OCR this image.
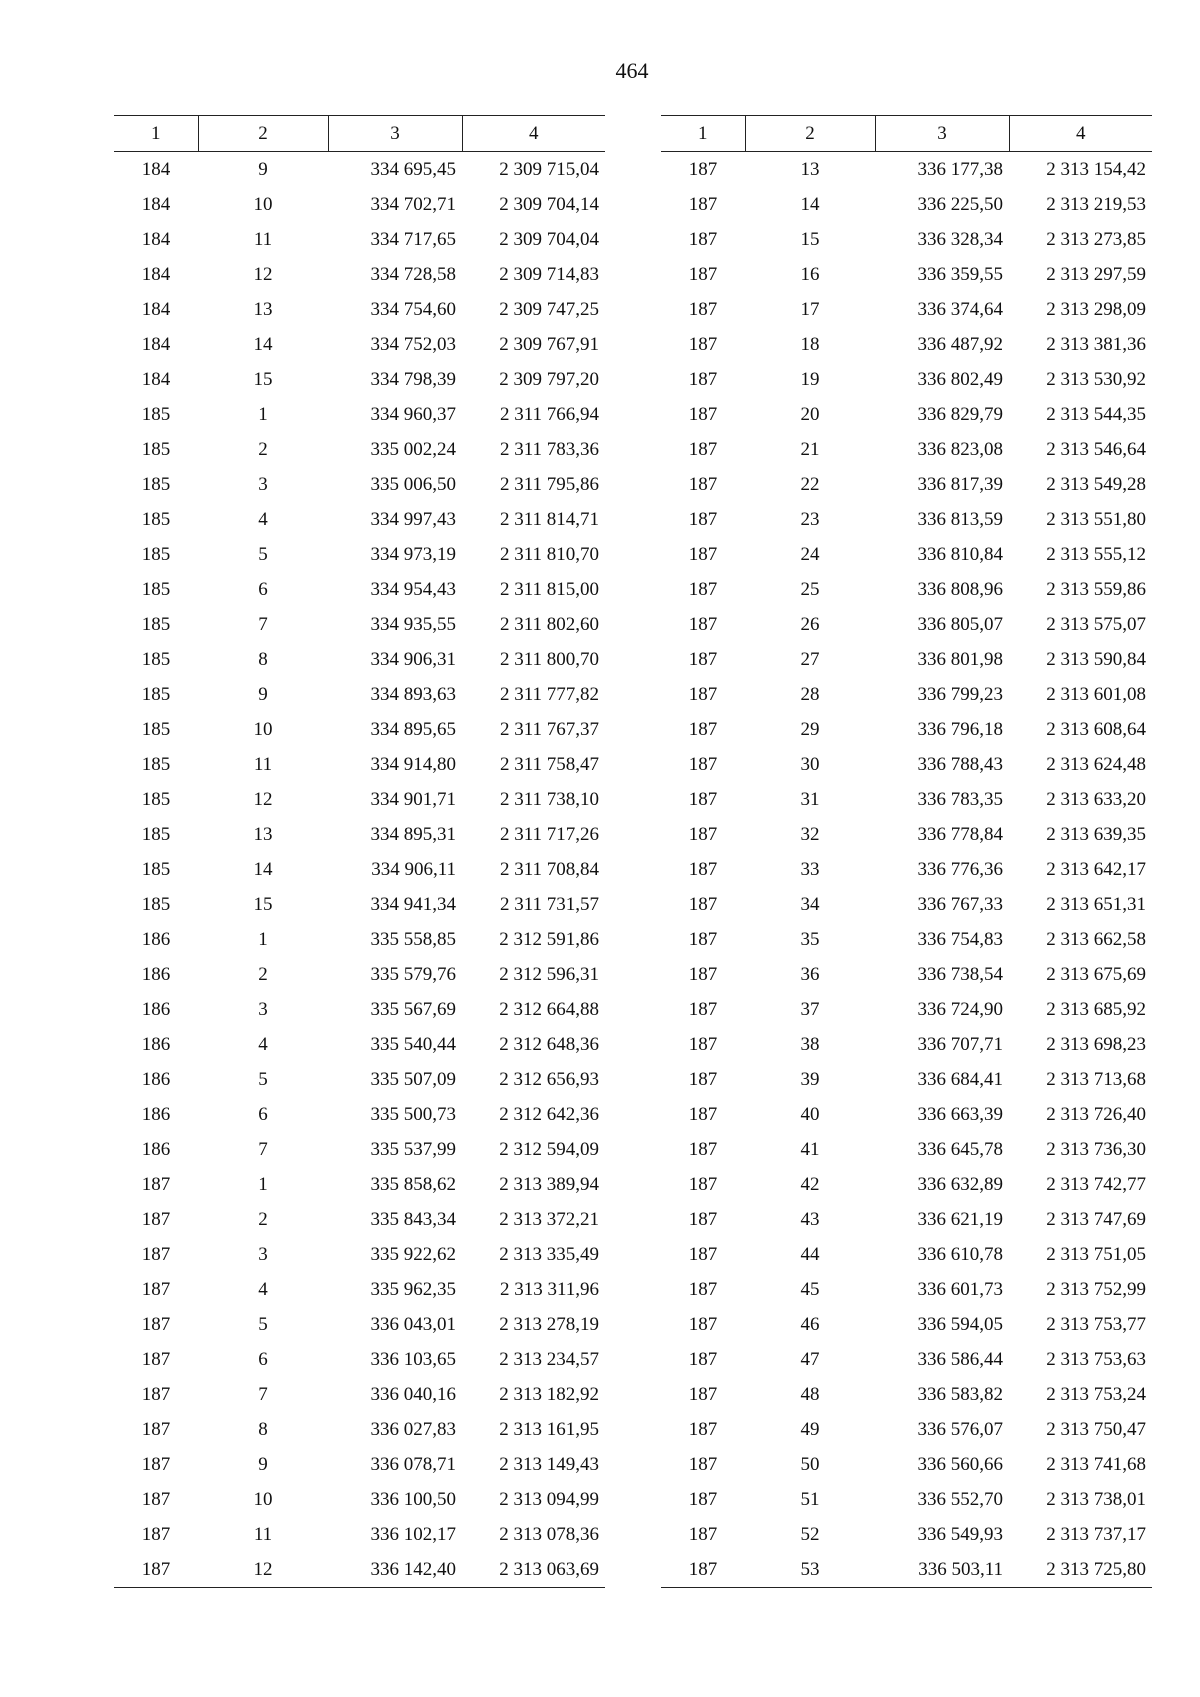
464
1	2	3	4
184	9	334 695,45	2 309 715,04
184	10	334 702,71	2 309 704,14
184	11	334 717,65	2 309 704,04
184	12	334 728,58	2 309 714,83
184	13	334 754,60	2 309 747,25
184	14	334 752,03	2 309 767,91
184	15	334 798,39	2 309 797,20
185	1	334 960,37	2 311 766,94
185	2	335 002,24	2 311 783,36
185	3	335 006,50	2 311 795,86
185	4	334 997,43	2 311 814,71
185	5	334 973,19	2 311 810,70
185	6	334 954,43	2 311 815,00
185	7	334 935,55	2 311 802,60
185	8	334 906,31	2 311 800,70
185	9	334 893,63	2 311 777,82
185	10	334 895,65	2 311 767,37
185	11	334 914,80	2 311 758,47
185	12	334 901,71	2 311 738,10
185	13	334 895,31	2 311 717,26
185	14	334 906,11	2 311 708,84
185	15	334 941,34	2 311 731,57
186	1	335 558,85	2 312 591,86
186	2	335 579,76	2 312 596,31
186	3	335 567,69	2 312 664,88
186	4	335 540,44	2 312 648,36
186	5	335 507,09	2 312 656,93
186	6	335 500,73	2 312 642,36
186	7	335 537,99	2 312 594,09
187	1	335 858,62	2 313 389,94
187	2	335 843,34	2 313 372,21
187	3	335 922,62	2 313 335,49
187	4	335 962,35	2 313 311,96
187	5	336 043,01	2 313 278,19
187	6	336 103,65	2 313 234,57
187	7	336 040,16	2 313 182,92
187	8	336 027,83	2 313 161,95
187	9	336 078,71	2 313 149,43
187	10	336 100,50	2 313 094,99
187	11	336 102,17	2 313 078,36
187	12	336 142,40	2 313 063,69
1	2	3	4
187	13	336 177,38	2 313 154,42
187	14	336 225,50	2 313 219,53
187	15	336 328,34	2 313 273,85
187	16	336 359,55	2 313 297,59
187	17	336 374,64	2 313 298,09
187	18	336 487,92	2 313 381,36
187	19	336 802,49	2 313 530,92
187	20	336 829,79	2 313 544,35
187	21	336 823,08	2 313 546,64
187	22	336 817,39	2 313 549,28
187	23	336 813,59	2 313 551,80
187	24	336 810,84	2 313 555,12
187	25	336 808,96	2 313 559,86
187	26	336 805,07	2 313 575,07
187	27	336 801,98	2 313 590,84
187	28	336 799,23	2 313 601,08
187	29	336 796,18	2 313 608,64
187	30	336 788,43	2 313 624,48
187	31	336 783,35	2 313 633,20
187	32	336 778,84	2 313 639,35
187	33	336 776,36	2 313 642,17
187	34	336 767,33	2 313 651,31
187	35	336 754,83	2 313 662,58
187	36	336 738,54	2 313 675,69
187	37	336 724,90	2 313 685,92
187	38	336 707,71	2 313 698,23
187	39	336 684,41	2 313 713,68
187	40	336 663,39	2 313 726,40
187	41	336 645,78	2 313 736,30
187	42	336 632,89	2 313 742,77
187	43	336 621,19	2 313 747,69
187	44	336 610,78	2 313 751,05
187	45	336 601,73	2 313 752,99
187	46	336 594,05	2 313 753,77
187	47	336 586,44	2 313 753,63
187	48	336 583,82	2 313 753,24
187	49	336 576,07	2 313 750,47
187	50	336 560,66	2 313 741,68
187	51	336 552,70	2 313 738,01
187	52	336 549,93	2 313 737,17
187	53	336 503,11	2 313 725,80
